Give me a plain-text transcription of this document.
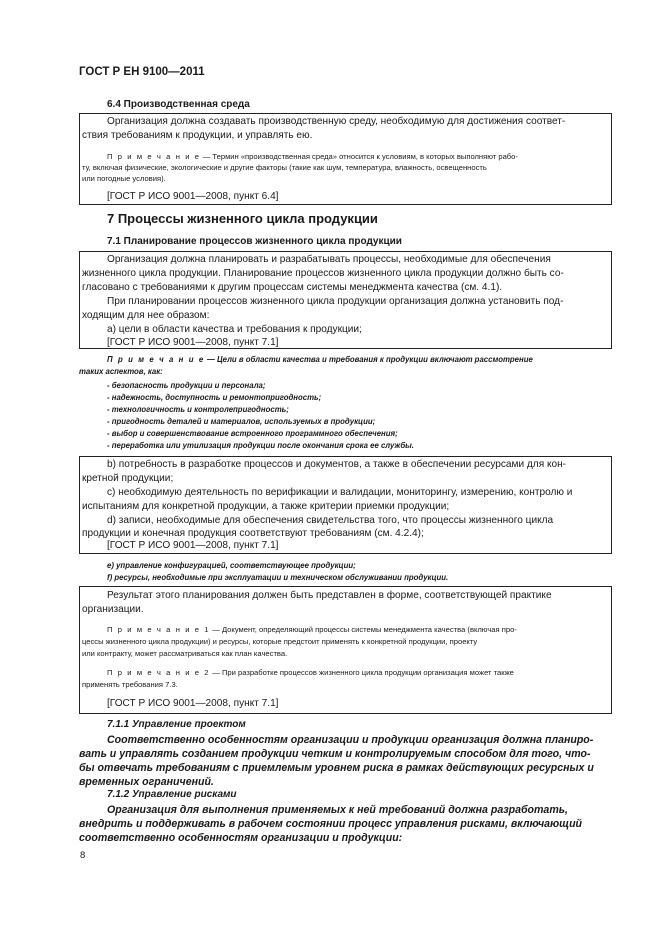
ГОСТ Р ЕН 9100—2011
6.4 Производственная среда
Организация должна создавать производственную среду, необходимую для достижения соответ-
ствия требованиям к продукции, и управлять ею.
П р и м е ч а н и е — Термин «производственная среда» относится к условиям, в которых выполняют рабо-
ту, включая физические, экологические и другие факторы (такие как шум, температура, влажность, освещенность
или погодные условия).
[ГОСТ Р ИСО 9001—2008, пункт 6.4]
7 Процессы жизненного цикла продукции
7.1 Планирование процессов жизненного цикла продукции
Организация должна планировать и разрабатывать процессы, необходимые для обеспечения
жизненного цикла продукции. Планирование процессов жизненного цикла продукции должно быть со-
гласовано с требованиями к другим процессам системы менеджмента качества (см. 4.1).
При планировании процессов жизненного цикла продукции организация должна установить под-
ходящим для нее образом:
а) цели в области качества и требования к продукции;
[ГОСТ Р ИСО 9001—2008, пункт 7.1]
П р и м е ч а н и е — Цели в области качества и требования к продукции включают рассмотрение
таких аспектов, как:
- безопасность продукции и персонала;
- надежность, доступность и ремонтопригодность;
- технологичность и контролепригодность;
- пригодность деталей и материалов, используемых в продукции;
- выбор и совершенствование встроенного программного обеспечения;
- переработка или утилизация продукции после окончания срока ее службы.
b) потребность в разработке процессов и документов, а также в обеспечении ресурсами для кон-
кретной продукции;
c) необходимую деятельность по верификации и валидации, мониторингу, измерению, контролю и
испытаниям для конкретной продукции, а также критерии приемки продукции;
d) записи, необходимые для обеспечения свидетельства того, что процессы жизненного цикла
продукции и конечная продукция соответствуют требованиям (см. 4.2.4);
[ГОСТ Р ИСО 9001—2008, пункт 7.1]
е) управление конфигурацией, соответствующее продукции;
f) ресурсы, необходимые при эксплуатации и техническом обслуживании продукции.
Результат этого планирования должен быть представлен в форме, соответствующей практике
организации.
П р и м е ч а н и е 1 — Документ, определяющий процессы системы менеджмента качества (включая про-
цессы жизненного цикла продукции) и ресурсы, которые предстоит применять к конкретной продукции, проекту
или контракту, может рассматриваться как план качества.
П р и м е ч а н и е 2 — При разработке процессов жизненного цикла продукции организация может также
применять требования 7.3.
[ГОСТ Р ИСО 9001—2008, пункт 7.1]
7.1.1 Управление проектом
Соответственно особенностям организации и продукции организация должна планиро-
вать и управлять созданием продукции четким и контролируемым способом для того, что-
бы отвечать требованиям с приемлемым уровнем риска в рамках действующих ресурсных и
временных ограничений.
7.1.2 Управление рисками
Организация для выполнения применяемых к ней требований должна разработать,
внедрить и поддерживать в рабочем состоянии процесс управления рисками, включающий
соответственно особенностям организации и продукции:
8
